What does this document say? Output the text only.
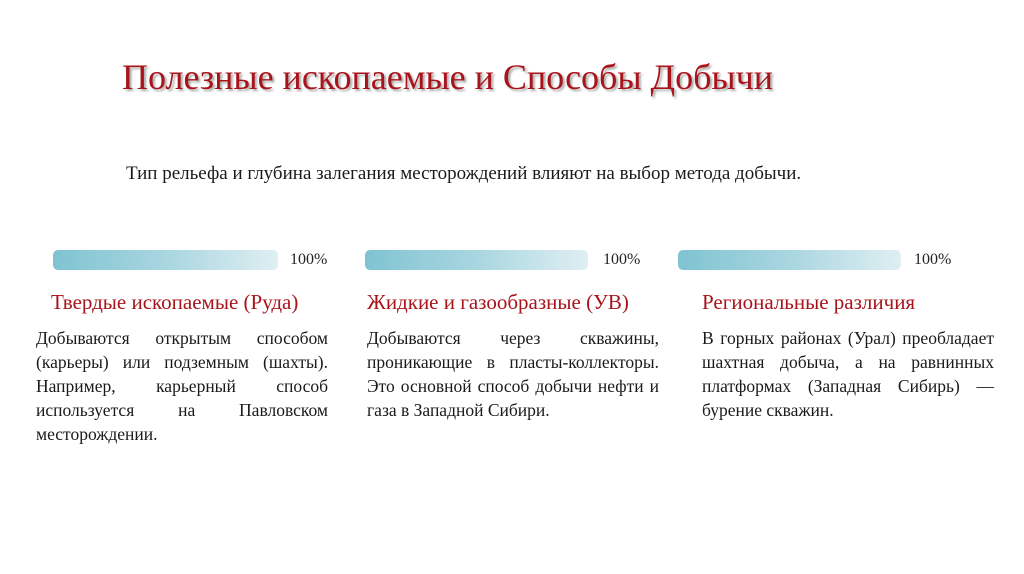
Полезные ископаемые и Способы Добычи
Тип рельефа и глубина залегания месторождений влияют на выбор метода добычи.
100%
Твердые ископаемые (Руда)
Добываются открытым способом (карьеры) или подземным (шахты). Например, карьерный способ используется на Павловском месторождении.
100%
Жидкие и газообразные (УВ)
Добываются через скважины, проникающие в пласты-коллекторы. Это основной способ добычи нефти и газа в Западной Сибири.
100%
Региональные различия
В горных районах (Урал) преобладает шахтная добыча, а на равнинных платформах (Западная Сибирь) — бурение скважин.
